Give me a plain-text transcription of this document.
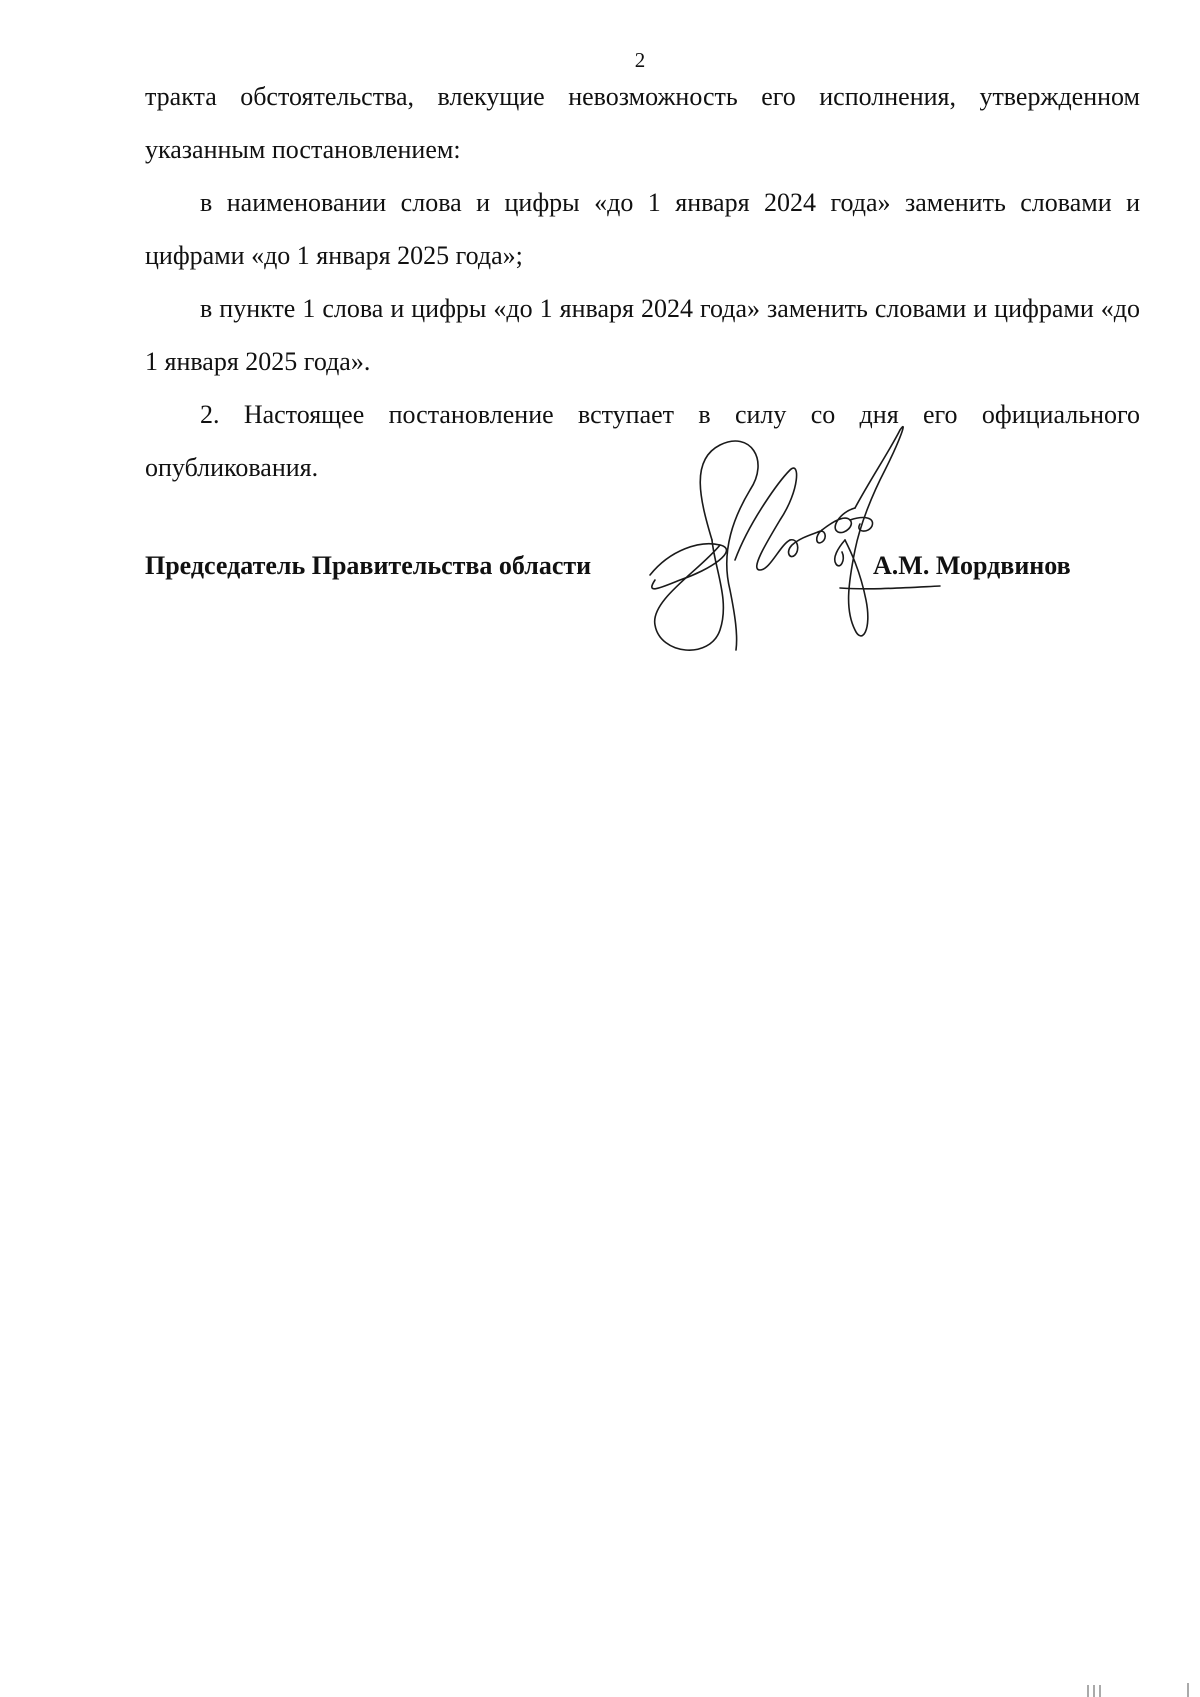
2

тракта обстоятельства, влекущие невозможность его исполнения, утвержденном указанным постановлением:

в наименовании слова и цифры «до 1 января 2024 года» заменить словами и цифрами «до 1 января 2025 года»;

в пункте 1 слова и цифры «до 1 января 2024 года» заменить словами и цифрами «до 1 января 2025 года».

2. Настоящее постановление вступает в силу со дня его официального опубликования.

Председатель Правительства области	А.М. Мордвинов
